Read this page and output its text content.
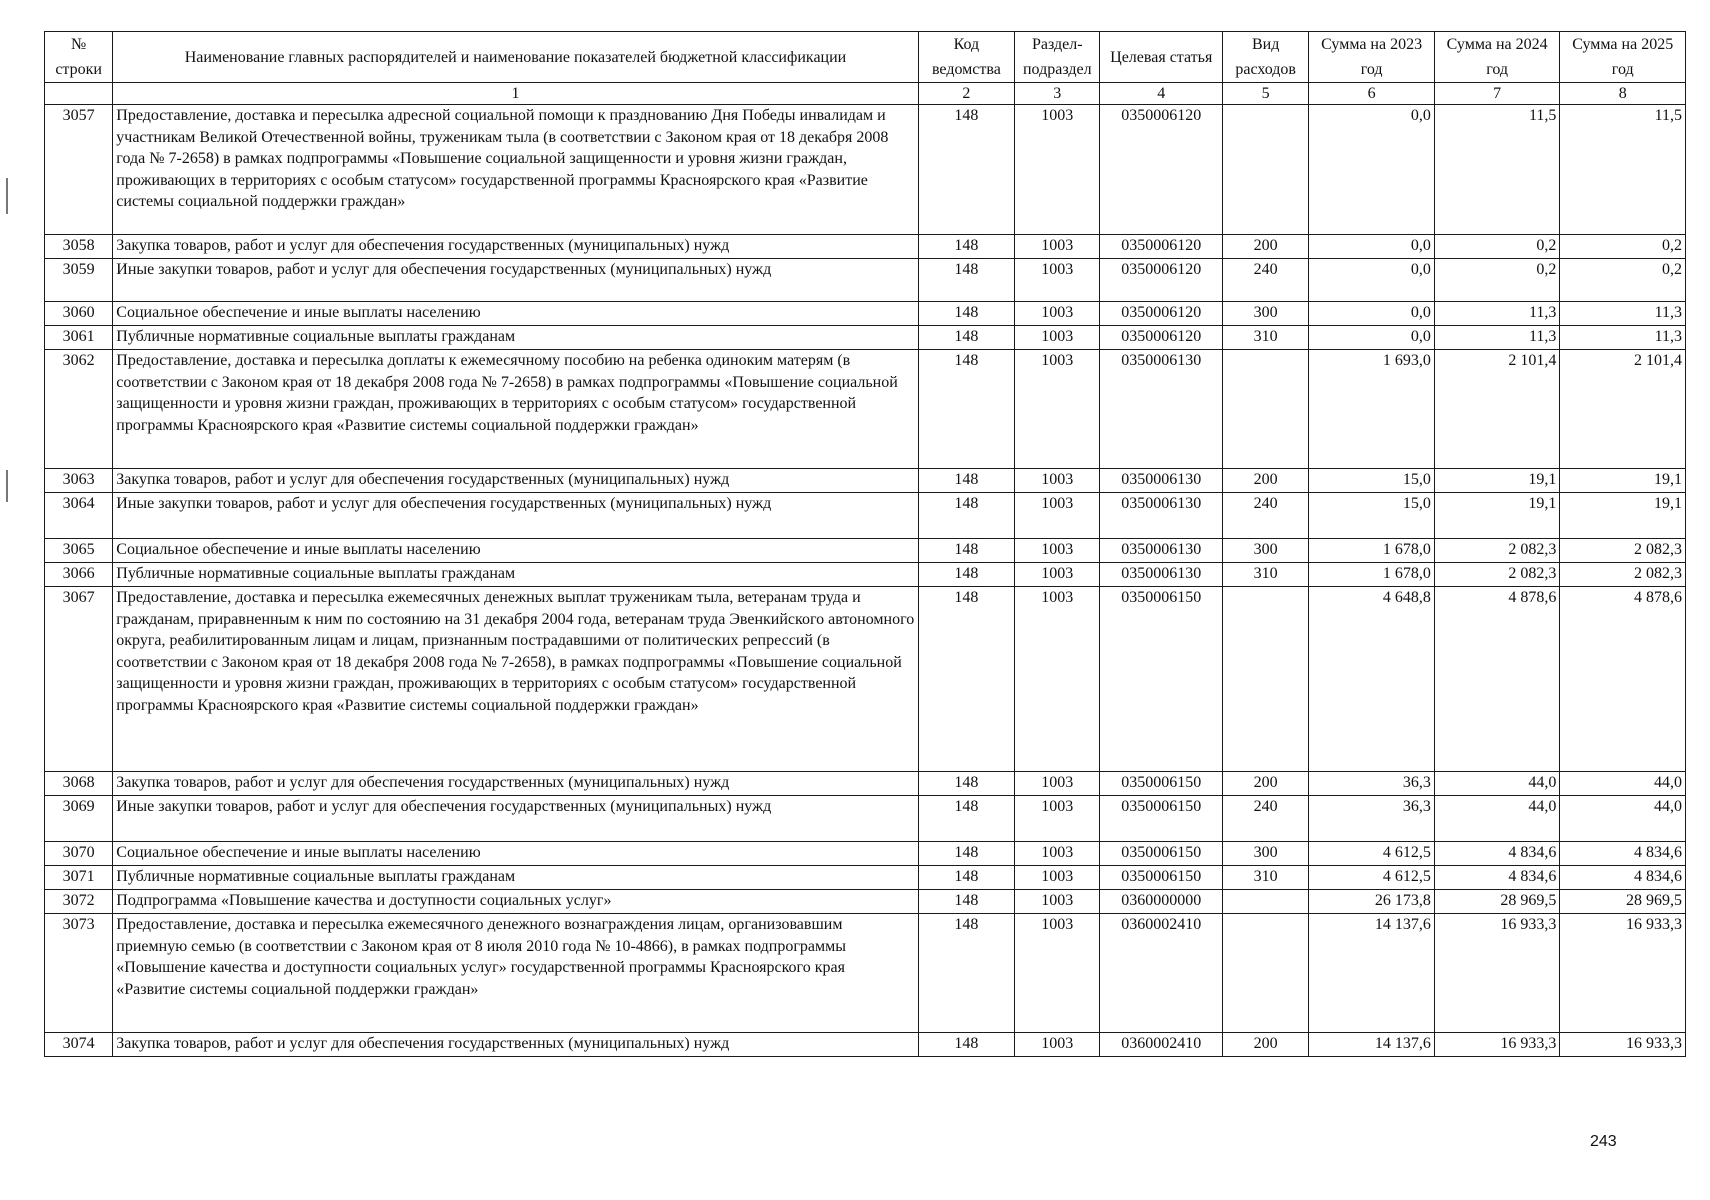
№ строки	Наименование главных распорядителей и наименование показателей бюджетной классификации	Код ведомства	Раздел-подраздел	Целевая статья	Вид расходов	Сумма на 2023 год	Сумма на 2024 год	Сумма на 2025 год
	1	2	3	4	5	6	7	8
3057	Предоставление, доставка и пересылка адресной социальной помощи к празднованию Дня Победы инвалидам и участникам Великой Отечественной войны, труженикам тыла (в соответствии с Законом края от 18 декабря 2008 года № 7-2658) в рамках подпрограммы «Повышение социальной защищенности и уровня жизни граждан, проживающих в территориях с особым статусом» государственной программы Красноярского края «Развитие системы социальной поддержки граждан»	148	1003	0350006120		0,0	11,5	11,5
3058	Закупка товаров, работ и услуг для обеспечения государственных (муниципальных) нужд	148	1003	0350006120	200	0,0	0,2	0,2
3059	Иные закупки товаров, работ и услуг для обеспечения государственных (муниципальных) нужд	148	1003	0350006120	240	0,0	0,2	0,2
3060	Социальное обеспечение и иные выплаты населению	148	1003	0350006120	300	0,0	11,3	11,3
3061	Публичные нормативные социальные выплаты гражданам	148	1003	0350006120	310	0,0	11,3	11,3
3062	Предоставление, доставка и пересылка доплаты к ежемесячному пособию на ребенка одиноким матерям (в соответствии с Законом края от 18 декабря 2008 года № 7-2658) в рамках подпрограммы «Повышение социальной защищенности и уровня жизни граждан, проживающих в территориях с особым статусом» государственной программы Красноярского края «Развитие системы социальной поддержки граждан»	148	1003	0350006130		1 693,0	2 101,4	2 101,4
3063	Закупка товаров, работ и услуг для обеспечения государственных (муниципальных) нужд	148	1003	0350006130	200	15,0	19,1	19,1
3064	Иные закупки товаров, работ и услуг для обеспечения государственных (муниципальных) нужд	148	1003	0350006130	240	15,0	19,1	19,1
3065	Социальное обеспечение и иные выплаты населению	148	1003	0350006130	300	1 678,0	2 082,3	2 082,3
3066	Публичные нормативные социальные выплаты гражданам	148	1003	0350006130	310	1 678,0	2 082,3	2 082,3
3067	Предоставление, доставка и пересылка ежемесячных денежных выплат труженикам тыла, ветеранам труда и гражданам, приравненным к ним по состоянию на 31 декабря 2004 года, ветеранам труда Эвенкийского автономного округа, реабилитированным лицам и лицам, признанным пострадавшими от политических репрессий (в соответствии с Законом края от 18 декабря 2008 года № 7-2658), в рамках подпрограммы «Повышение социальной защищенности и уровня жизни граждан, проживающих в территориях с особым статусом» государственной программы Красноярского края «Развитие системы социальной поддержки граждан»	148	1003	0350006150		4 648,8	4 878,6	4 878,6
3068	Закупка товаров, работ и услуг для обеспечения государственных (муниципальных) нужд	148	1003	0350006150	200	36,3	44,0	44,0
3069	Иные закупки товаров, работ и услуг для обеспечения государственных (муниципальных) нужд	148	1003	0350006150	240	36,3	44,0	44,0
3070	Социальное обеспечение и иные выплаты населению	148	1003	0350006150	300	4 612,5	4 834,6	4 834,6
3071	Публичные нормативные социальные выплаты гражданам	148	1003	0350006150	310	4 612,5	4 834,6	4 834,6
3072	Подпрограмма «Повышение качества и доступности социальных услуг»	148	1003	0360000000		26 173,8	28 969,5	28 969,5
3073	Предоставление, доставка и пересылка ежемесячного денежного вознаграждения лицам, организовавшим приемную семью (в соответствии с Законом края от 8 июля 2010 года № 10-4866), в рамках подпрограммы «Повышение качества и доступности социальных услуг» государственной программы Красноярского края «Развитие системы социальной поддержки граждан»	148	1003	0360002410		14 137,6	16 933,3	16 933,3
3074	Закупка товаров, работ и услуг для обеспечения государственных (муниципальных) нужд	148	1003	0360002410	200	14 137,6	16 933,3	16 933,3
243
